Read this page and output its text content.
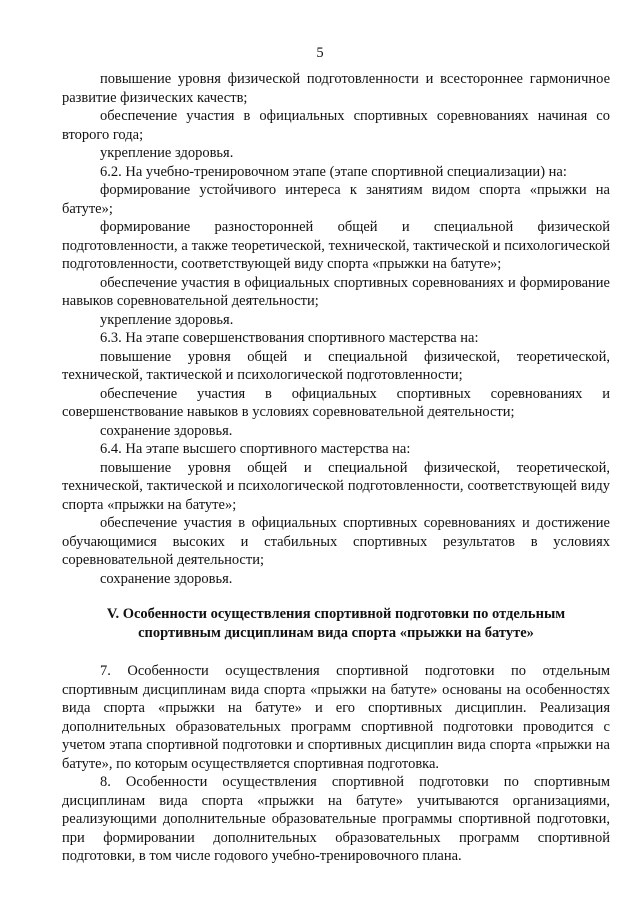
5

повышение уровня физической подготовленности и всестороннее гармоничное развитие физических качеств;

обеспечение участия в официальных спортивных соревнованиях начиная со второго года;

укрепление здоровья.

6.2. На учебно-тренировочном этапе (этапе спортивной специализации) на:

формирование устойчивого интереса к занятиям видом спорта «прыжки на батуте»;

формирование разносторонней общей и специальной физической подготовленности, а также теоретической, технической, тактической и психологической подготовленности, соответствующей виду спорта «прыжки на батуте»;

обеспечение участия в официальных спортивных соревнованиях и формирование навыков соревновательной деятельности;

укрепление здоровья.

6.3. На этапе совершенствования спортивного мастерства на:

повышение уровня общей и специальной физической, теоретической, технической, тактической и психологической подготовленности;

обеспечение участия в официальных спортивных соревнованиях и совершенствование навыков в условиях соревновательной деятельности;

сохранение здоровья.

6.4. На этапе высшего спортивного мастерства на:

повышение уровня общей и специальной физической, теоретической, технической, тактической и психологической подготовленности, соответствующей виду спорта «прыжки на батуте»;

обеспечение участия в официальных спортивных соревнованиях и достижение обучающимися высоких и стабильных спортивных результатов в условиях соревновательной деятельности;

сохранение здоровья.

V. Особенности осуществления спортивной подготовки по отдельным
спортивным дисциплинам вида спорта «прыжки на батуте»

7. Особенности осуществления спортивной подготовки по отдельным спортивным дисциплинам вида спорта «прыжки на батуте» основаны на особенностях вида спорта «прыжки на батуте» и его спортивных дисциплин. Реализация дополнительных образовательных программ спортивной подготовки проводится с учетом этапа спортивной подготовки и спортивных дисциплин вида спорта «прыжки на батуте», по которым осуществляется спортивная подготовка.

8. Особенности осуществления спортивной подготовки по спортивным дисциплинам вида спорта «прыжки на батуте» учитываются организациями, реализующими дополнительные образовательные программы спортивной подготовки, при формировании дополнительных образовательных программ спортивной подготовки, в том числе годового учебно-тренировочного плана.
